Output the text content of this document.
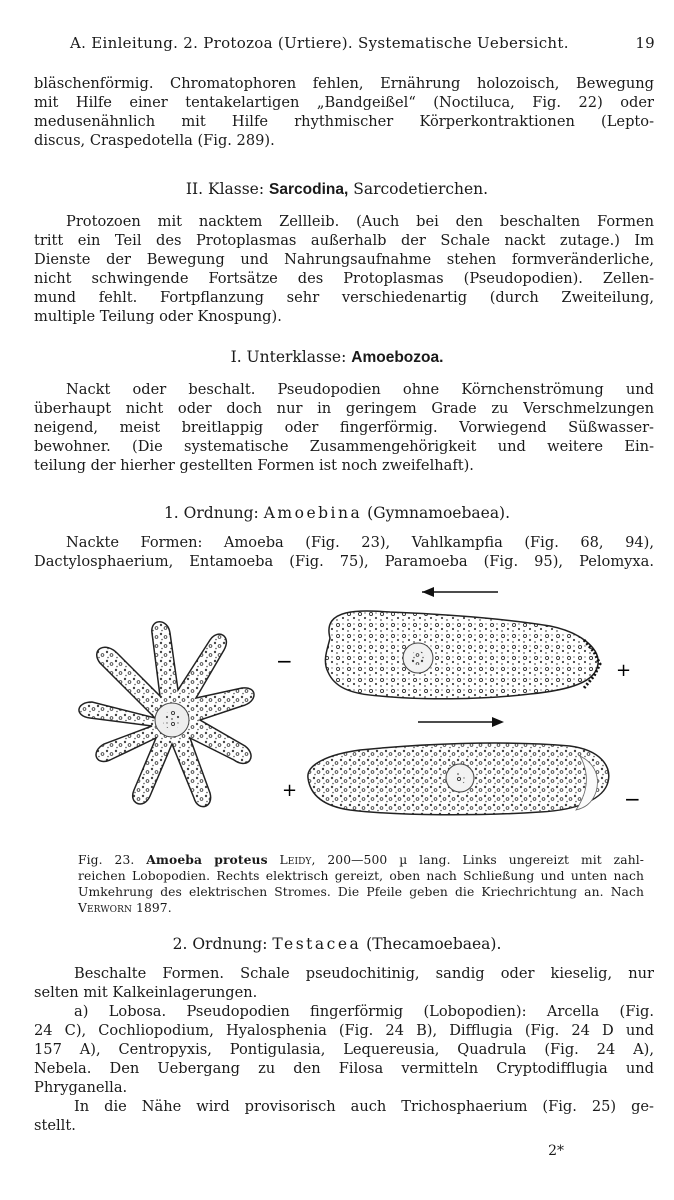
A. Einleitung. 2. Protozoa (Urtiere). Systematische Uebersicht.	19
bläschenförmig. Chromatophoren fehlen, Ernährung holozoisch, Bewegung
mit Hilfe einer tentakelartigen „Bandgeißel“ (Noctiluca, Fig. 22) oder
medusenähnlich mit Hilfe rhythmischer Körperkontraktionen (Lepto-
discus, Craspedotella (Fig. 289).
II. Klasse: Sarcodina, Sarcodetierchen.
Protozoen mit nacktem Zellleib. (Auch bei den beschalten Formen
tritt ein Teil des Protoplasmas außerhalb der Schale nackt zutage.) Im
Dienste der Bewegung und Nahrungsaufnahme stehen formveränderliche,
nicht schwingende Fortsätze des Protoplasmas (Pseudopodien). Zellen-
mund fehlt. Fortpflanzung sehr verschiedenartig (durch Zweiteilung,
multiple Teilung oder Knospung).
I. Unterklasse: Amoebozoa.
Nackt oder beschalt. Pseudopodien ohne Körnchenströmung und
überhaupt nicht oder doch nur in geringem Grade zu Verschmelzungen
neigend, meist breitlappig oder fingerförmig. Vorwiegend Süßwasser-
bewohner. (Die systematische Zusammengehörigkeit und weitere Ein-
teilung der hierher gestellten Formen ist noch zweifelhaft).
1. Ordnung: Amoebina (Gymnamoebaea).
Nackte Formen: Amoeba (Fig. 23), Vahlkampfia (Fig. 68, 94),
Dactylosphaerium, Entamoeba (Fig. 75), Paramoeba (Fig. 95), Pelomyxa.
−	+
+	−
Fig. 23. Amoeba proteus Leidy, 200—500 µ lang. Links ungereizt mit zahl-
reichen Lobopodien. Rechts elektrisch gereizt, oben nach Schließung und unten nach
Umkehrung des elektrischen Stromes. Die Pfeile geben die Kriechrichtung an. Nach
Verworn 1897.
2. Ordnung: Testacea (Thecamoebaea).
Beschalte Formen. Schale pseudochitinig, sandig oder kieselig, nur
selten mit Kalkeinlagerungen.
a) Lobosa. Pseudopodien fingerförmig (Lobopodien): Arcella (Fig.
24 C), Cochliopodium, Hyalosphenia (Fig. 24 B), Difflugia (Fig. 24 D und
157 A), Centropyxis, Pontigulasia, Lequereusia, Quadrula (Fig. 24 A),
Nebela. Den Uebergang zu den Filosa vermitteln Cryptodifflugia und
Phryganella.
In die Nähe wird provisorisch auch Trichosphaerium (Fig. 25) ge-
stellt.
2*
